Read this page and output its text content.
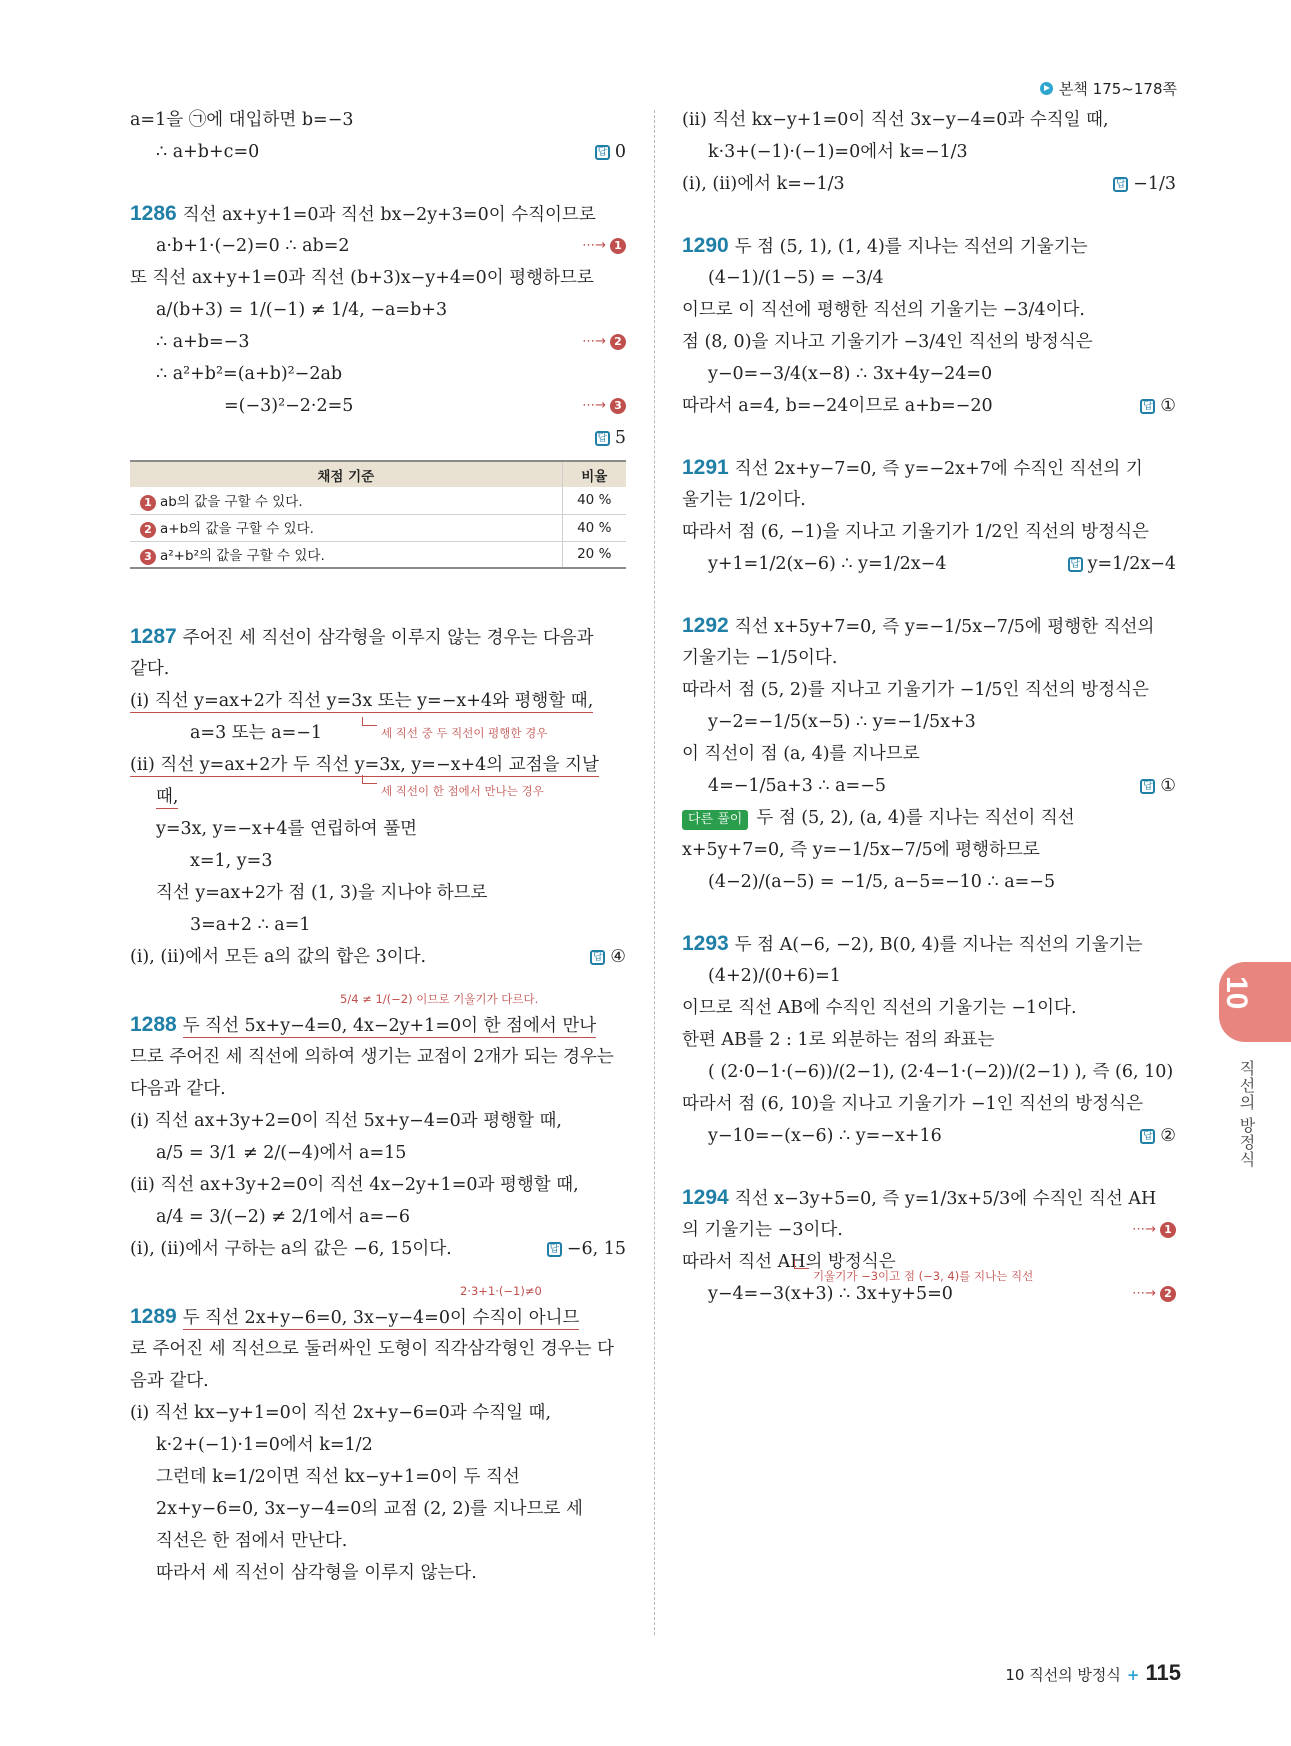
본책 175~178쪽
a=1을 ㉠에 대입하면 b=−3
∴ a+b+c=0	답 0
1286 직선 ax+y+1=0과 직선 bx−2y+3=0이 수직이므로
a·b+1·(−2)=0 ∴ ab=2	⋯→ 1
또 직선 ax+y+1=0과 직선 (b+3)x−y+4=0이 평행하므로
a/(b+3) = 1/(−1) ≠ 1/4, −a=b+3
∴ a+b=−3	⋯→ 2
∴ a²+b²=(a+b)²−2ab
=(−3)²−2·2=5	⋯→ 3
답 5
채점 기준	비율
1 ab의 값을 구할 수 있다.	40 %
2 a+b의 값을 구할 수 있다.	40 %
3 a²+b²의 값을 구할 수 있다.	20 %
1287 주어진 세 직선이 삼각형을 이루지 않는 경우는 다음과
같다.
(i) 직선 y=ax+2가 직선 y=3x 또는 y=−x+4와 평행할 때,
a=3 또는 a=−1	세 직선 중 두 직선이 평행한 경우
(ii) 직선 y=ax+2가 두 직선 y=3x, y=−x+4의 교점을 지날
때,	세 직선이 한 점에서 만나는 경우
y=3x, y=−x+4를 연립하여 풀면
x=1, y=3
직선 y=ax+2가 점 (1, 3)을 지나야 하므로
3=a+2 ∴ a=1
(i), (ii)에서 모든 a의 값의 합은 3이다.	답 ④
5/4 ≠ 1/(−2) 이므로 기울기가 다르다.
1288 두 직선 5x+y−4=0, 4x−2y+1=0이 한 점에서 만나
므로 주어진 세 직선에 의하여 생기는 교점이 2개가 되는 경우는
다음과 같다.
(i) 직선 ax+3y+2=0이 직선 5x+y−4=0과 평행할 때,
a/5 = 3/1 ≠ 2/(−4)에서 a=15
(ii) 직선 ax+3y+2=0이 직선 4x−2y+1=0과 평행할 때,
a/4 = 3/(−2) ≠ 2/1에서 a=−6
(i), (ii)에서 구하는 a의 값은 −6, 15이다.	답 −6, 15
2·3+1·(−1)≠0
1289 두 직선 2x+y−6=0, 3x−y−4=0이 수직이 아니므
로 주어진 세 직선으로 둘러싸인 도형이 직각삼각형인 경우는 다
음과 같다.
(i) 직선 kx−y+1=0이 직선 2x+y−6=0과 수직일 때,
k·2+(−1)·1=0에서 k=1/2
그런데 k=1/2이면 직선 kx−y+1=0이 두 직선
2x+y−6=0, 3x−y−4=0의 교점 (2, 2)를 지나므로 세
직선은 한 점에서 만난다.
따라서 세 직선이 삼각형을 이루지 않는다.
(ii) 직선 kx−y+1=0이 직선 3x−y−4=0과 수직일 때,
k·3+(−1)·(−1)=0에서 k=−1/3
(i), (ii)에서 k=−1/3	답 −1/3
1290 두 점 (5, 1), (1, 4)를 지나는 직선의 기울기는
(4−1)/(1−5) = −3/4
이므로 이 직선에 평행한 직선의 기울기는 −3/4이다.
점 (8, 0)을 지나고 기울기가 −3/4인 직선의 방정식은
y−0=−3/4(x−8) ∴ 3x+4y−24=0
따라서 a=4, b=−24이므로 a+b=−20	답 ①
1291 직선 2x+y−7=0, 즉 y=−2x+7에 수직인 직선의 기
울기는 1/2이다.
따라서 점 (6, −1)을 지나고 기울기가 1/2인 직선의 방정식은
y+1=1/2(x−6) ∴ y=1/2x−4	답 y=1/2x−4
1292 직선 x+5y+7=0, 즉 y=−1/5x−7/5에 평행한 직선의
기울기는 −1/5이다.
따라서 점 (5, 2)를 지나고 기울기가 −1/5인 직선의 방정식은
y−2=−1/5(x−5) ∴ y=−1/5x+3
이 직선이 점 (a, 4)를 지나므로
4=−1/5a+3 ∴ a=−5	답 ①
다른 풀이 두 점 (5, 2), (a, 4)를 지나는 직선이 직선
x+5y+7=0, 즉 y=−1/5x−7/5에 평행하므로
(4−2)/(a−5) = −1/5, a−5=−10 ∴ a=−5
1293 두 점 A(−6, −2), B(0, 4)를 지나는 직선의 기울기는
(4+2)/(0+6)=1
이므로 직선 AB에 수직인 직선의 기울기는 −1이다.
한편 AB를 2 : 1로 외분하는 점의 좌표는
( (2·0−1·(−6))/(2−1), (2·4−1·(−2))/(2−1) ), 즉 (6, 10)
따라서 점 (6, 10)을 지나고 기울기가 −1인 직선의 방정식은
y−10=−(x−6) ∴ y=−x+16	답 ②
1294 직선 x−3y+5=0, 즉 y=1/3x+5/3에 수직인 직선 AH
의 기울기는 −3이다.	⋯→ 1
따라서 직선 AH의 방정식은
기울기가 −3이고 점 (−3, 4)를 지나는 직선
y−4=−3(x+3) ∴ 3x+y+5=0	⋯→ 2
10
직선의 방정식
10 직선의 방정식 + 115
